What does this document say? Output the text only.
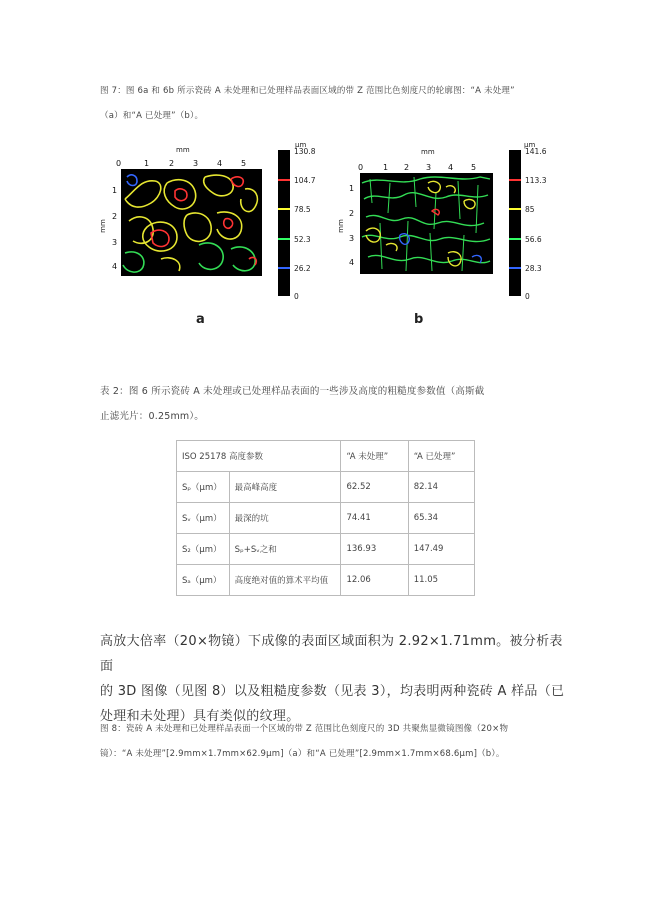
图 7：图 6a 和 6b 所示瓷砖 A 未处理和已处理样品表面区域的带 Z 范围比色刻度尺的轮廓图：“A 未处理”
（a）和“A 已处理”（b）。
mm
0	1 2 3 4 5
mm
1
2
3
4
µm
130.8
104.7
78.5
52.3
26.2
0
a
mm
0 1 2 3 4 5
mm
1
2
3
4
µm
141.6
113.3
85
56.6
28.3
0
b
表 2：图 6 所示瓷砖 A 未处理或已处理样品表面的一些涉及高度的粗糙度参数值（高斯截
止滤光片：0.25mm）。
ISO 25178 高度参数		“A 未处理”	“A 已处理”
Sₚ（µm）	最高峰高度	62.52	82.14
Sᵥ（µm）	最深的坑	74.41	65.34
S₂（µm）	Sₚ+Sᵥ之和	136.93	147.49
Sₐ（µm）	高度绝对值的算术平均值	12.06	11.05
高放大倍率（20×物镜）下成像的表面区域面积为 2.92×1.71mm。被分析表面
的 3D 图像（见图 8）以及粗糙度参数（见表 3），均表明两种瓷砖 A 样品（已
处理和未处理）具有类似的纹理。
图 8：瓷砖 A 未处理和已处理样品表面一个区域的带 Z 范围比色刻度尺的 3D 共聚焦显微镜图像（20×物
镜）：“A 未处理”[2.9mm×1.7mm×62.9μm]（a）和“A 已处理”[2.9mm×1.7mm×68.6μm]（b）。
